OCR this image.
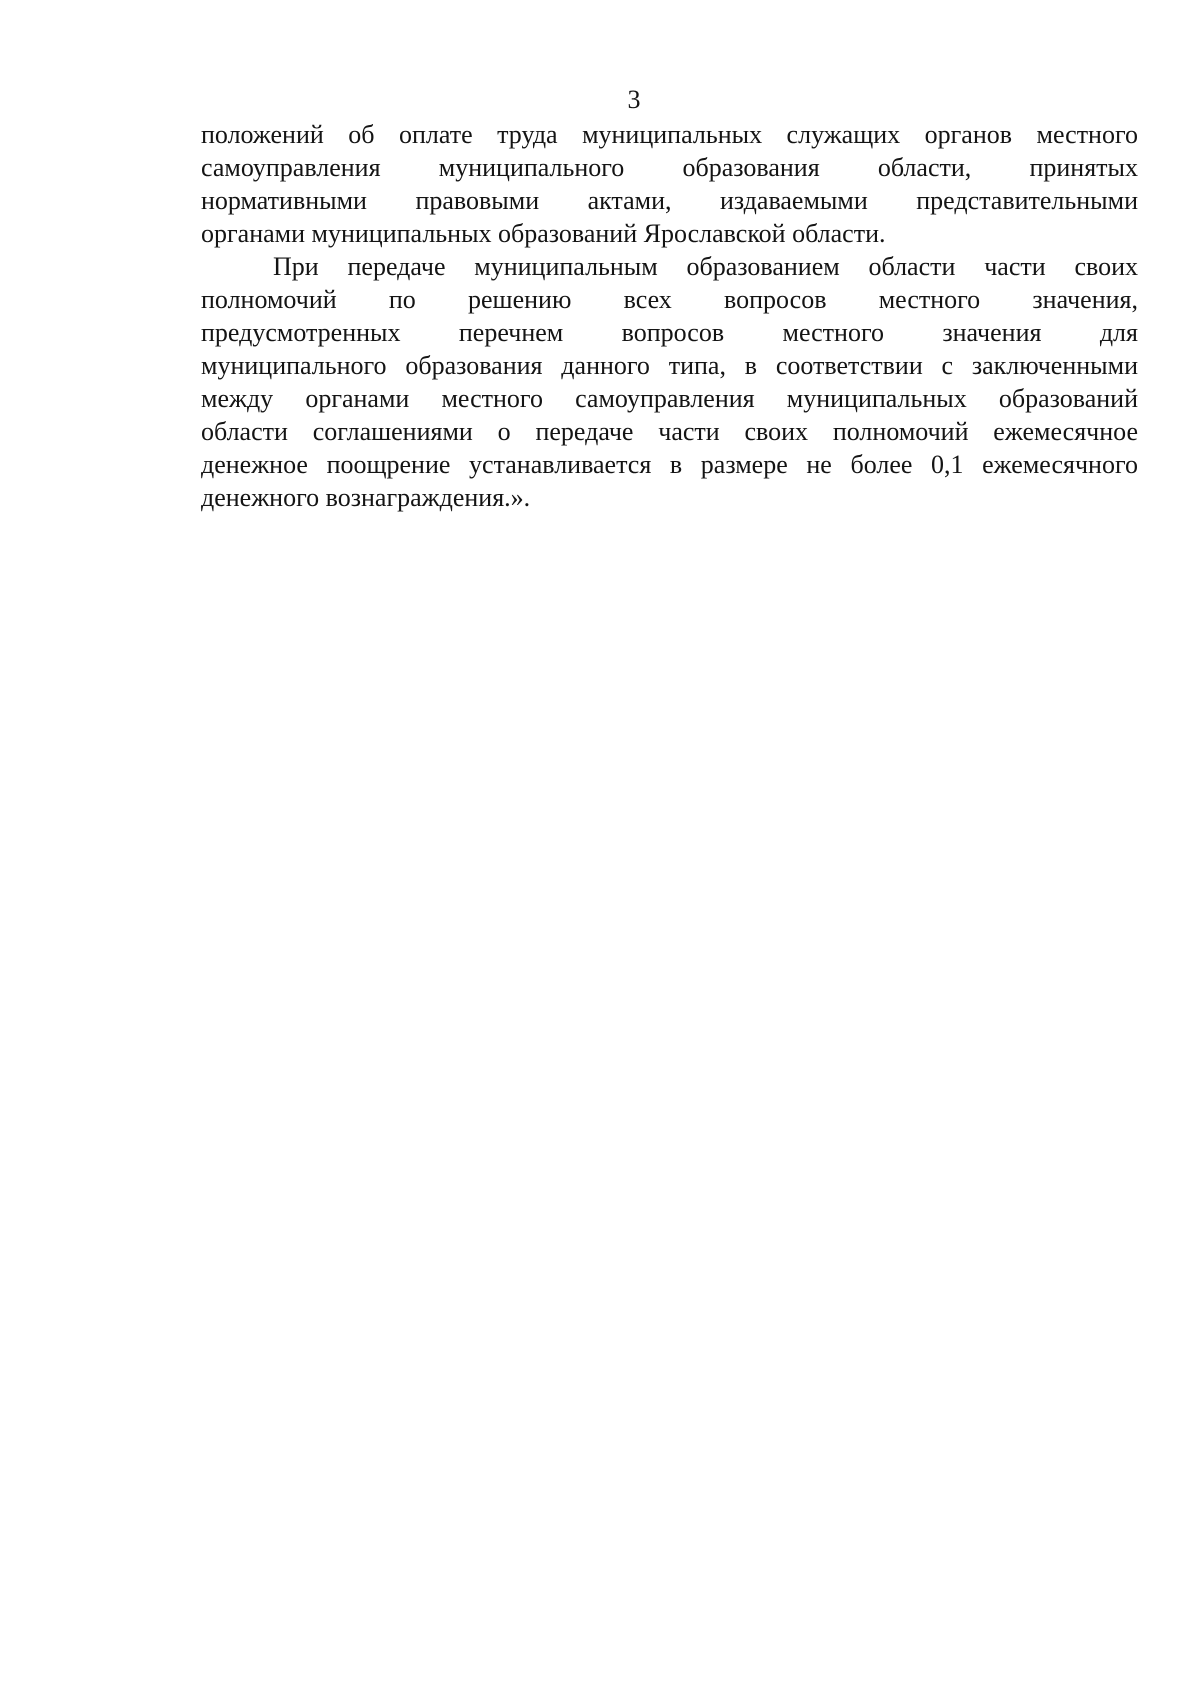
3
положений об оплате труда муниципальных служащих органов местного
самоуправления муниципального образования области, принятых
нормативными правовыми актами, издаваемыми представительными
органами муниципальных образований Ярославской области.
При передаче муниципальным образованием области части своих
полномочий по решению всех вопросов местного значения,
предусмотренных перечнем вопросов местного значения для
муниципального образования данного типа, в соответствии с заключенными
между органами местного самоуправления муниципальных образований
области соглашениями о передаче части своих полномочий ежемесячное
денежное поощрение устанавливается в размере не более 0,1 ежемесячного
денежного вознаграждения.».
